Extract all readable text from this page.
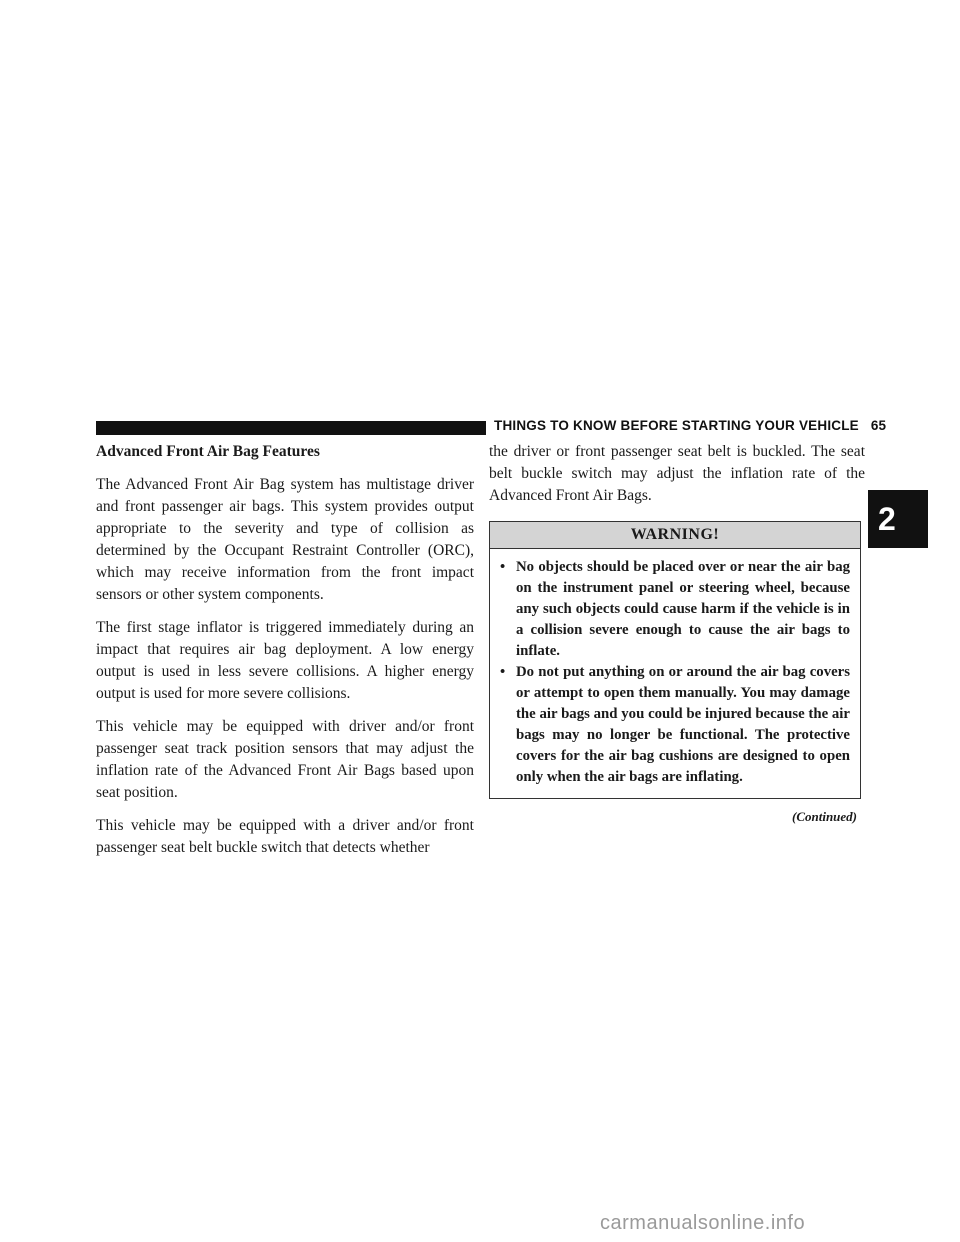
THINGS TO KNOW BEFORE STARTING YOUR VEHICLE 65
2
Advanced Front Air Bag Features

The Advanced Front Air Bag system has multistage driver and front passenger air bags. This system provides output appropriate to the severity and type of collision as determined by the Occupant Restraint Controller (ORC), which may receive information from the front impact sensors or other system components.

The first stage inflator is triggered immediately during an impact that requires air bag deployment. A low energy output is used in less severe collisions. A higher energy output is used for more severe collisions.

This vehicle may be equipped with driver and/or front passenger seat track position sensors that may adjust the inflation rate of the Advanced Front Air Bags based upon seat position.

This vehicle may be equipped with a driver and/or front passenger seat belt buckle switch that detects whether

the driver or front passenger seat belt is buckled. The seat belt buckle switch may adjust the inflation rate of the Advanced Front Air Bags.

WARNING!
• No objects should be placed over or near the air bag on the instrument panel or steering wheel, because any such objects could cause harm if the vehicle is in a collision severe enough to cause the air bags to inflate.
• Do not put anything on or around the air bag covers or attempt to open them manually. You may damage the air bags and you could be injured because the air bags may no longer be functional. The protective covers for the air bag cushions are designed to open only when the air bags are inflating.
(Continued)
carmanualsonline.info
